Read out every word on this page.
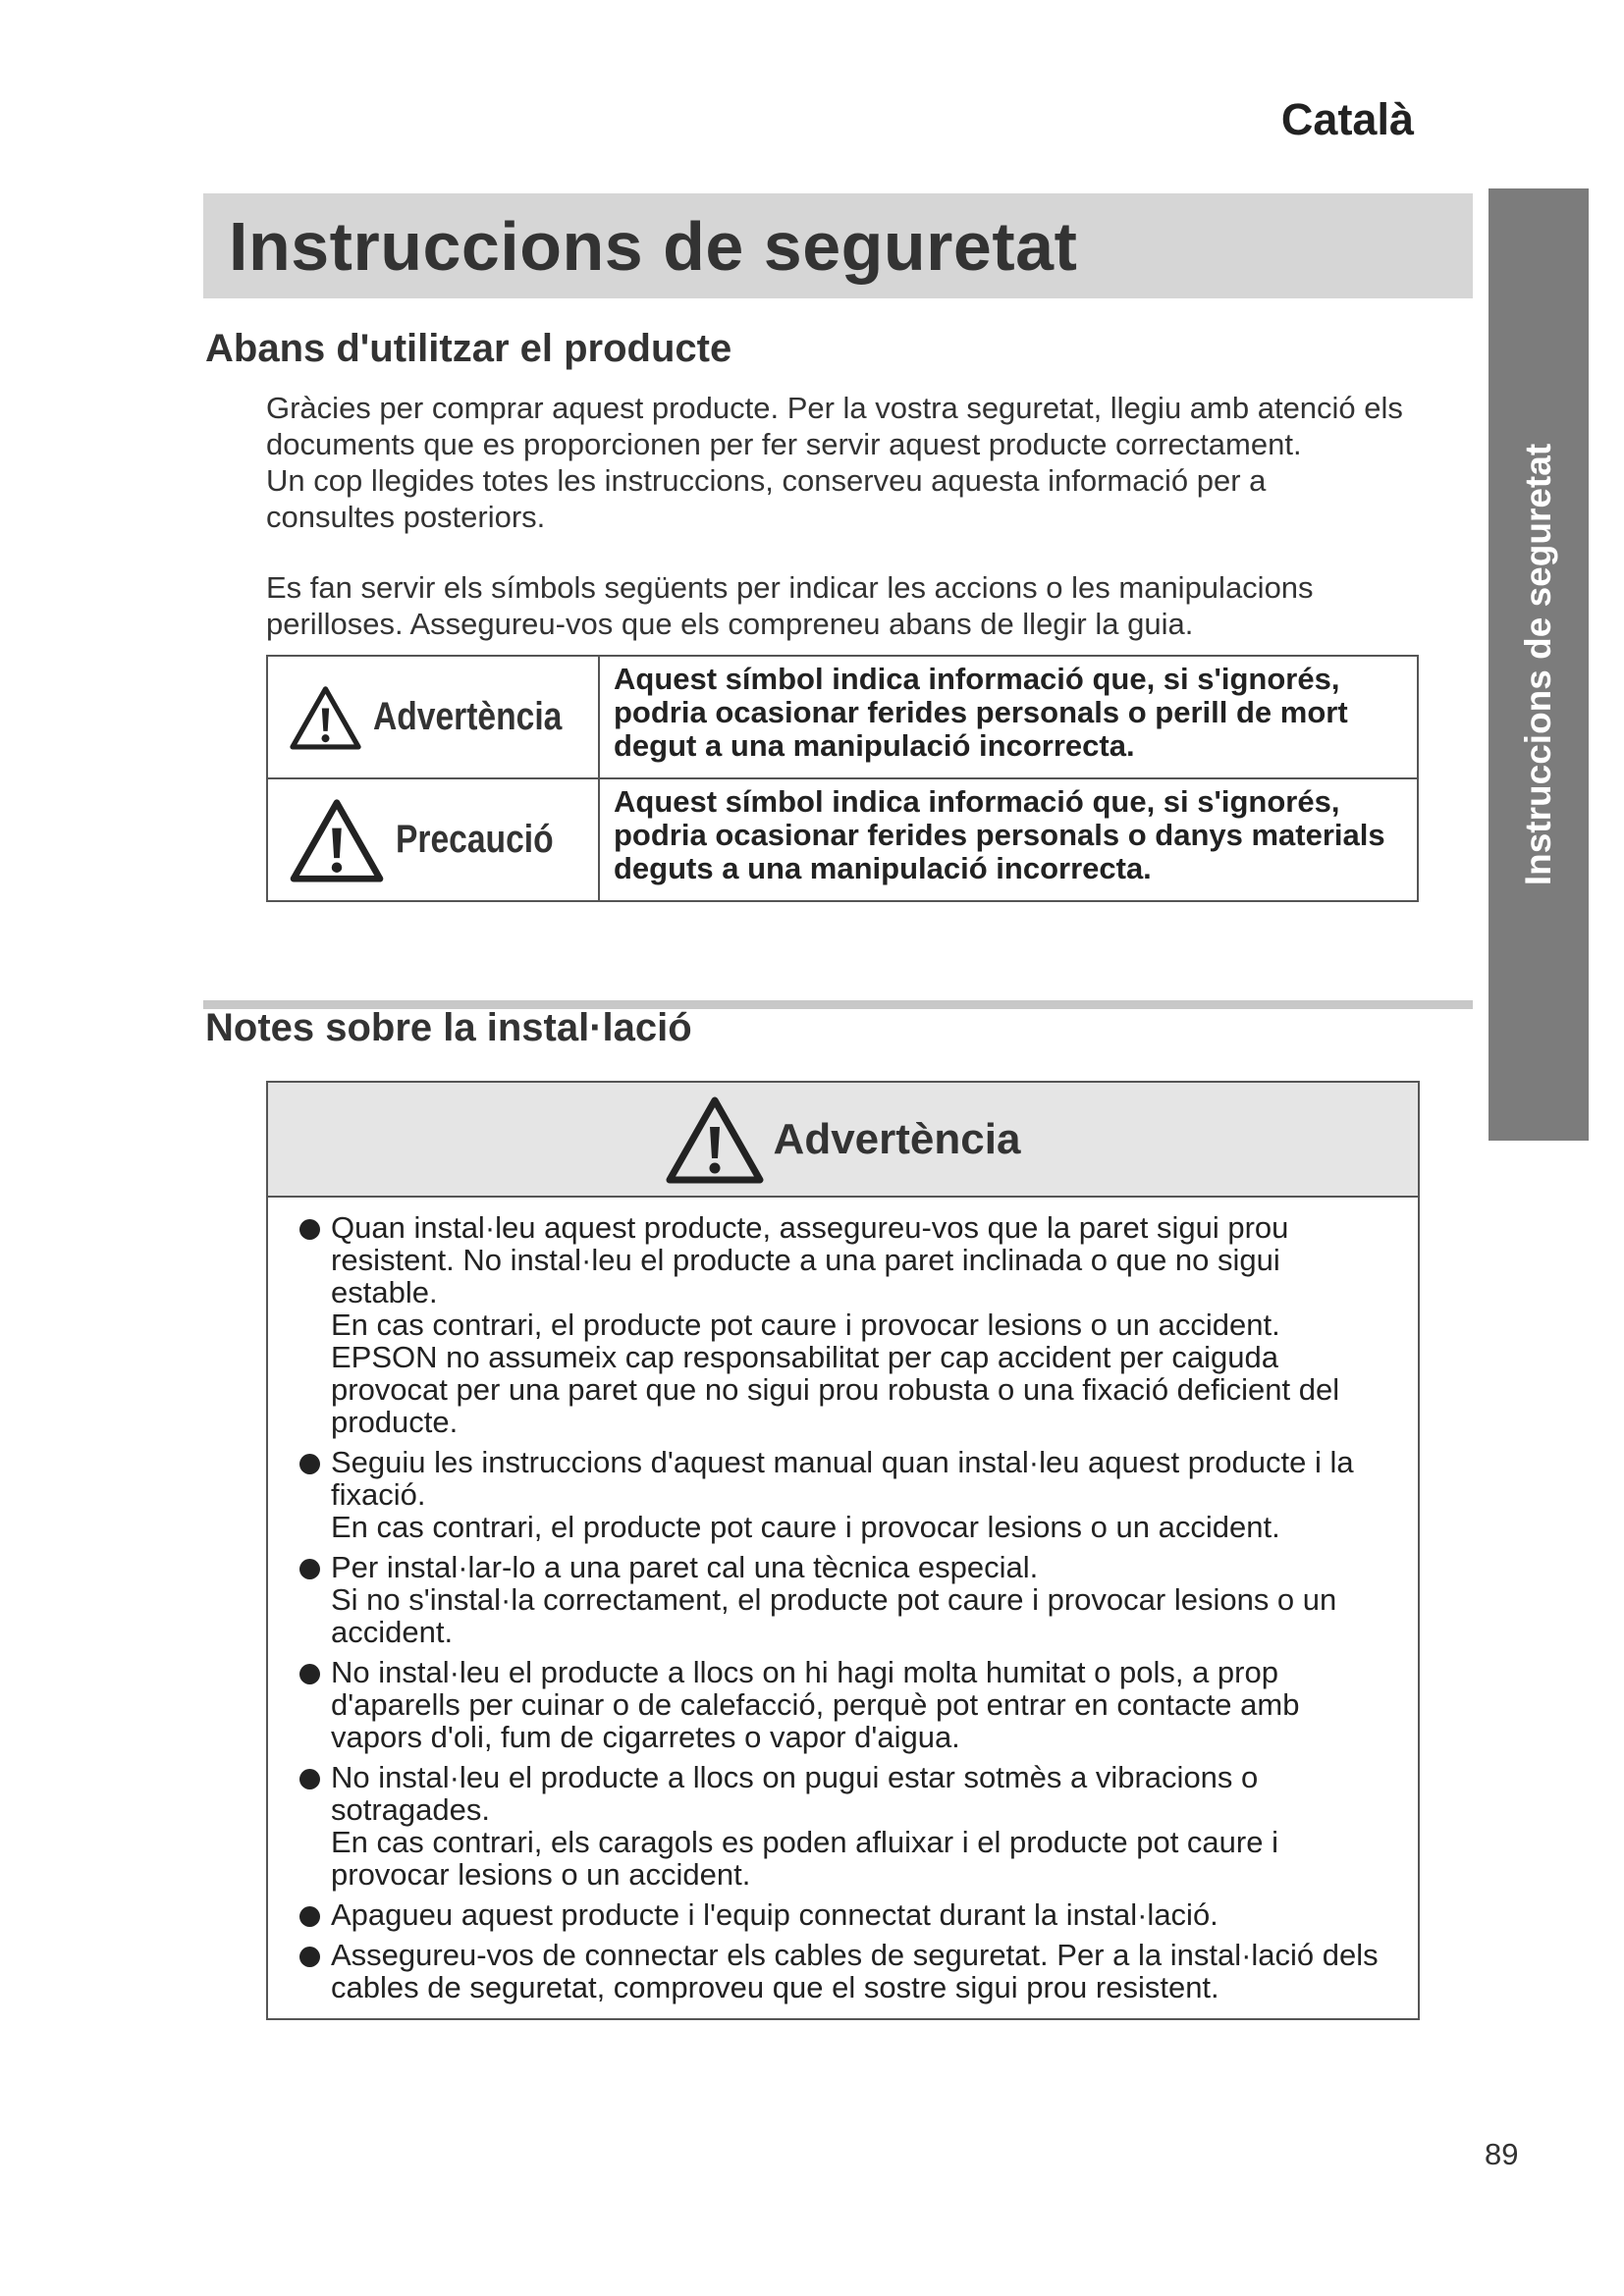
Català
Instruccions de seguretat
Instruccions de seguretat
Abans d'utilitzar el producte

Gràcies per comprar aquest producte. Per la vostra seguretat, llegiu amb atenció els

documents que es proporcionen per fer servir aquest producte correctament.

Un cop llegides totes les instruccions, conserveu aquesta informació per a

consultes posteriors.

Es fan servir els símbols següents per indicar les accions o les manipulacions

perilloses. Assegureu-vos que els compreneu abans de llegir la guia.

Advertència
Aquest símbol indica informació que, si s'ignorés, podria ocasionar ferides personals o perill de mort degut a una manipulació incorrecta.
Precaució
Aquest símbol indica informació que, si s'ignorés, podria ocasionar ferides personals o danys materials deguts a una manipulació incorrecta.
Notes sobre la instal·lació
Advertència
Quan instal·leu aquest producte, assegureu-vos que la paret sigui prou resistent. No instal·leu el producte a una paret inclinada o que no sigui estable.
En cas contrari, el producte pot caure i provocar lesions o un accident. EPSON no assumeix cap responsabilitat per cap accident per caiguda provocat per una paret que no sigui prou robusta o una fixació deficient del producte.
Seguiu les instruccions d'aquest manual quan instal·leu aquest producte i la fixació.
En cas contrari, el producte pot caure i provocar lesions o un accident.
Per instal·lar-lo a una paret cal una tècnica especial.
Si no s'instal·la correctament, el producte pot caure i provocar lesions o un accident.
No instal·leu el producte a llocs on hi hagi molta humitat o pols, a prop d'aparells per cuinar o de calefacció, perquè pot entrar en contacte amb vapors d'oli, fum de cigarretes o vapor d'aigua.
No instal·leu el producte a llocs on pugui estar sotmès a vibracions o sotragades.
En cas contrari, els caragols es poden afluixar i el producte pot caure i provocar lesions o un accident.
Apagueu aquest producte i l'equip connectat durant la instal·lació.
Assegureu-vos de connectar els cables de seguretat. Per a la instal·lació dels cables de seguretat, comproveu que el sostre sigui prou resistent.
89
